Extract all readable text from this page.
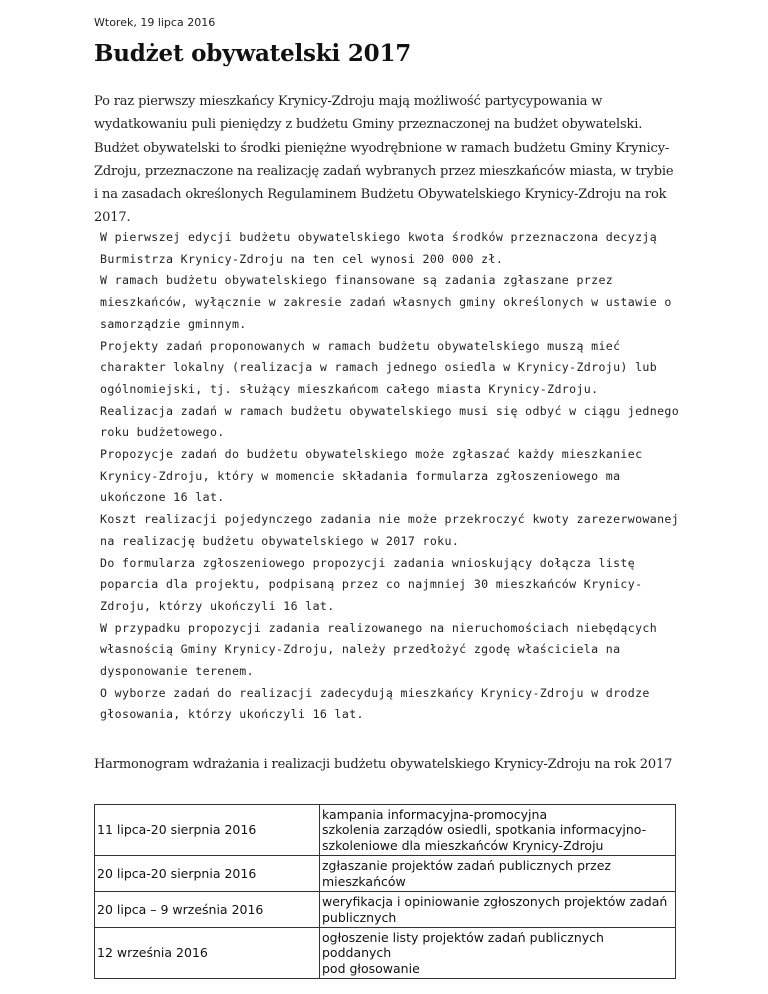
Wtorek, 19 lipca 2016
Budżet obywatelski 2017

Po raz pierwszy mieszkańcy Krynicy-Zdroju mają możliwość partycypowania w wydatkowaniu puli pieniędzy z budżetu Gminy przeznaczonej na budżet obywatelski. Budżet obywatelski to środki pieniężne wyodrębnione w ramach budżetu Gminy Krynicy-Zdroju, przeznaczone na realizację zadań wybranych przez mieszkańców miasta, w trybie i na zasadach określonych Regulaminem Budżetu Obywatelskiego Krynicy-Zdroju na rok 2017.

W pierwszej edycji budżetu obywatelskiego kwota środków przeznaczona decyzją Burmistrza Krynicy-Zdroju na ten cel wynosi 200 000 zł.
W ramach budżetu obywatelskiego finansowane są zadania zgłaszane przez mieszkańców, wyłącznie w zakresie zadań własnych gminy określonych w ustawie o samorządzie gminnym.
Projekty zadań proponowanych w ramach budżetu obywatelskiego muszą mieć charakter lokalny (realizacja w ramach jednego osiedla w Krynicy-Zdroju) lub ogólnomiejski, tj. służący mieszkańcom całego miasta Krynicy-Zdroju.
Realizacja zadań w ramach budżetu obywatelskiego musi się odbyć w ciągu jednego roku budżetowego.
Propozycje zadań do budżetu obywatelskiego może zgłaszać każdy mieszkaniec Krynicy-Zdroju, który w momencie składania formularza zgłoszeniowego ma ukończone 16 lat.
Koszt realizacji pojedynczego zadania nie może przekroczyć kwoty zarezerwowanej na realizację budżetu obywatelskiego w 2017 roku.
Do formularza zgłoszeniowego propozycji zadania wnioskujący dołącza listę poparcia dla projektu, podpisaną przez co najmniej 30 mieszkańców Krynicy-Zdroju, którzy ukończyli 16 lat.
W przypadku propozycji zadania realizowanego na nieruchomościach niebędących własnością Gminy Krynicy-Zdroju, należy przedłożyć zgodę właściciela na dysponowanie terenem.
O wyborze zadań do realizacji zadecydują mieszkańcy Krynicy-Zdroju w drodze głosowania, którzy ukończyli 16 lat.
Harmonogram wdrażania i realizacji budżetu obywatelskiego Krynicy-Zdroju na rok 2017
11 lipca-20 sierpnia 2016	kampania informacyjna-promocyjna
szkolenia zarządów osiedli, spotkania informacyjno-szkoleniowe dla mieszkańców Krynicy-Zdroju
20 lipca-20 sierpnia 2016	zgłaszanie projektów zadań publicznych przez mieszkańców
20 lipca – 9 września 2016	weryfikacja i opiniowanie zgłoszonych projektów zadań publicznych
12 września 2016	ogłoszenie listy projektów zadań publicznych poddanych
pod głosowanie
